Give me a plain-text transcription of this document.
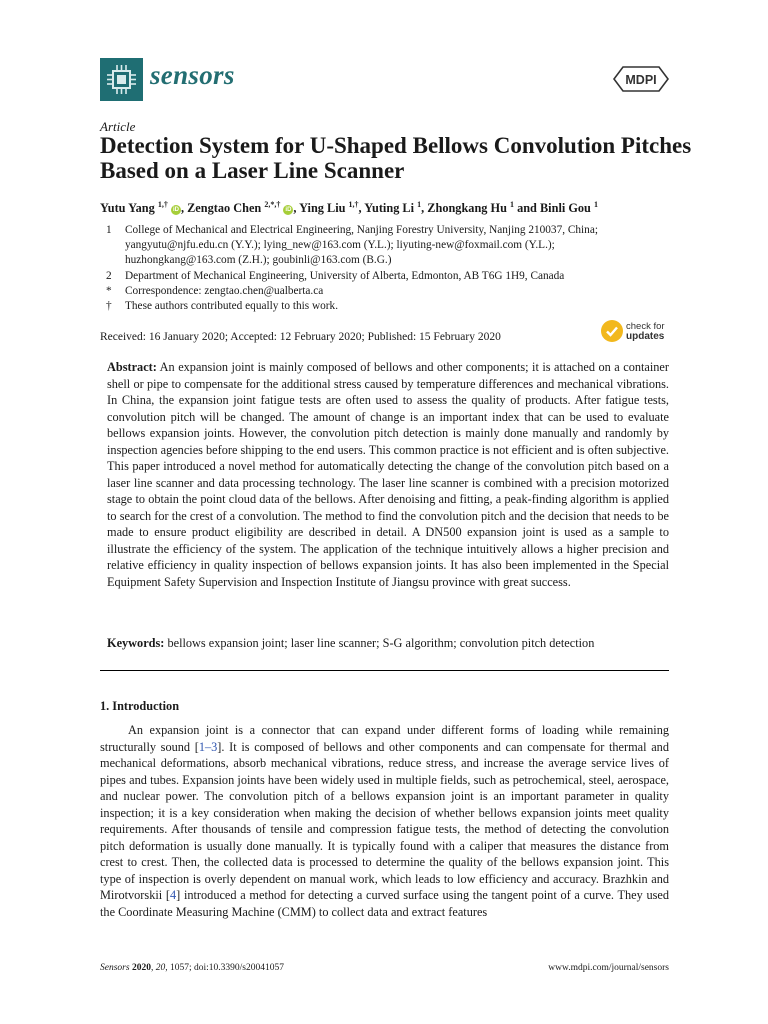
sensors	MDPI
Article
Detection System for U-Shaped Bellows Convolution Pitches Based on a Laser Line Scanner
Yutu Yang $^{1,\dagger}$ iD , Zengtao Chen $^{2,*,\dagger}$ iD , Ying Liu $^{1,\dagger}$, Yuting Li $^1$, Zhongkang Hu $^1$ and Binli Gou $^1$
1 College of Mechanical and Electrical Engineering, Nanjing Forestry University, Nanjing 210037, China;
yangyutu@njfu.edu.cn (Y.Y.); lying_new@163.com (Y.L.); liyuting-new@foxmail.com (Y.L.);
huzhongkang@163.com (Z.H.); goubinli@163.com (B.G.)
2 Department of Mechanical Engineering, University of Alberta, Edmonton, AB T6G 1H9, Canada
* Correspondence: zengtao.chen@ualberta.ca
† These authors contributed equally to this work.
Received: 16 January 2020; Accepted: 12 February 2020; Published: 15 February 2020
check for
updates
Abstract: An expansion joint is mainly composed of bellows and other components; it is attached on a container shell or pipe to compensate for the additional stress caused by temperature differences and mechanical vibrations. In China, the expansion joint fatigue tests are often used to assess the quality of products. After fatigue tests, convolution pitch will be changed. The amount of change is an important index that can be used to evaluate bellows expansion joints. However, the convolution pitch detection is mainly done manually and randomly by inspection agencies before shipping to the end users. This common practice is not efficient and is often subjective. This paper introduced a novel method for automatically detecting the change of the convolution pitch based on a laser line scanner and data processing technology. The laser line scanner is combined with a precision motorized stage to obtain the point cloud data of the bellows. After denoising and fitting, a peak-finding algorithm is applied to search for the crest of a convolution. The method to find the convolution pitch and the decision that needs to be made to ensure product eligibility are described in detail. A DN500 expansion joint is used as a sample to illustrate the efficiency of the system. The application of the technique intuitively allows a higher precision and relative efficiency in quality inspection of bellows expansion joints. It has also been implemented in the Special Equipment Safety Supervision and Inspection Institute of Jiangsu province with great success.
Keywords: bellows expansion joint; laser line scanner; S-G algorithm; convolution pitch detection
1. Introduction
An expansion joint is a connector that can expand under different forms of loading while remaining structurally sound [1–3]. It is composed of bellows and other components and can compensate for thermal and mechanical deformations, absorb mechanical vibrations, reduce stress, and increase the average service lives of pipes and tubes. Expansion joints have been widely used in multiple fields, such as petrochemical, steel, aerospace, and nuclear power. The convolution pitch of a bellows expansion joint is an important parameter in quality inspection; it is a key consideration when making the decision of whether bellows expansion joints meet quality requirements. After thousands of tensile and compression fatigue tests, the method of detecting the convolution pitch deformation is usually done manually. It is typically found with a caliper that measures the distance from crest to crest. Then, the collected data is processed to determine the quality of the bellows expansion joint. This type of inspection is overly dependent on manual work, which leads to low efficiency and accuracy. Brazhkin and Mirotvorskii [4] introduced a method for detecting a curved surface using the tangent point of a curve. They used the Coordinate Measuring Machine (CMM) to collect data and extract features
Sensors 2020, 20, 1057; doi:10.3390/s20041057	www.mdpi.com/journal/sensors
